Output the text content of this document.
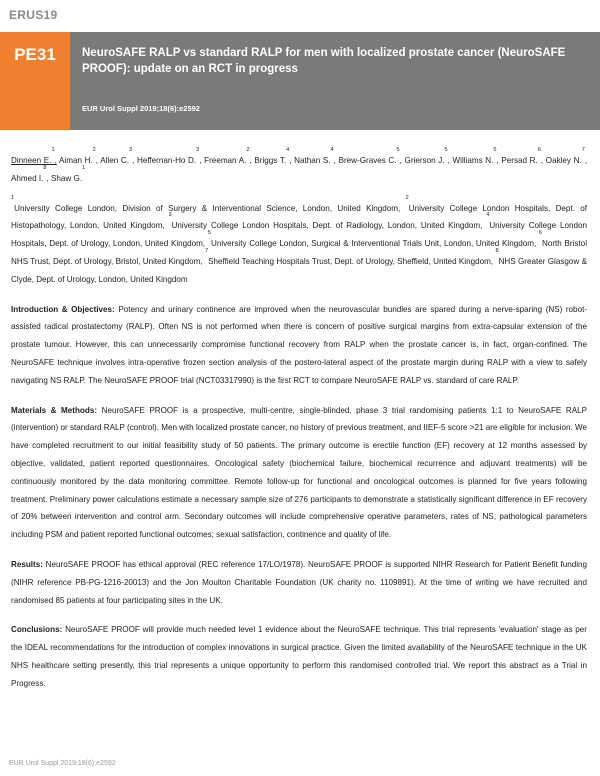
ERUS19
PE31	NeuroSAFE RALP vs standard RALP for men with localized prostate cancer (NeuroSAFE PROOF): update on an RCT in progress
EUR Urol Suppl 2019;18(6):e2592

Dinneen E.$^1$, Aiman H.$^2$, Allen C.$^3$, Heffernan-Ho D.$^3$, Freeman A.$^2$, Briggs T.$^4$, Nathan S.$^4$, Brew-Graves C.$^5$, Grierson J.$^5$, Williams N.$^5$, Persad R.$^6$, Oakley N.$^7$, Ahmed I.$^8$, Shaw G.$^1$

$^1$University College London, Division of Surgery & Interventional Science, London, United Kingdom, $^2$University College London Hospitals, Dept. of Histopathology, London, United Kingdom, $^3$University College London Hospitals, Dept. of Radiology, London, United Kingdom, $^4$University College London Hospitals, Dept. of Urology, London, United Kingdom, $^5$University College London, Surgical & Interventional Trials Unit, London, United Kingdom, $^6$North Bristol NHS Trust, Dept. of Urology, Bristol, United Kingdom, $^7$Sheffield Teaching Hospitals Trust, Dept. of Urology, Sheffield, United Kingdom, $^8$NHS Greater Glasgow & Clyde, Dept. of Urology, London, United Kingdom

Introduction & Objectives: Potency and urinary continence are improved when the neurovascular bundles are spared during a nerve-sparing (NS) robot-assisted radical prostatectomy (RALP). Often NS is not performed when there is concern of positive surgical margins from extra-capsular extension of the prostate tumour. However, this can unnecessarily compromise functional recovery from RALP when the prostate cancer is, in fact, organ-confined. The NeuroSAFE technique involves intra-operative frozen section analysis of the postero-lateral aspect of the prostate margin during RALP with a view to safely navigating NS RALP. The NeuroSAFE PROOF trial (NCT03317990) is the first RCT to compare NeuroSAFE RALP vs. standard of care RALP.

Materials & Methods: NeuroSAFE PROOF is a prospective, multi-centre, single-blinded, phase 3 trial randomising patients 1:1 to NeuroSAFE RALP (intervention) or standard RALP (control). Men with localized prostate cancer, no history of previous treatment, and IIEF-5 score >21 are eligible for inclusion. We have completed recruitment to our initial feasibility study of 50 patients. The primary outcome is erectile function (EF) recovery at 12 months assessed by objective, validated, patient reported questionnaires. Oncological safety (biochemical failure, biochemical recurrence and adjuvant treatments) will be continuously monitored by the data monitoring committee. Remote follow-up for functional and oncological outcomes is planned for five years following treatment. Preliminary power calculations estimate a necessary sample size of 276 participants to demonstrate a statistically significant difference in EF recovery of 20% between intervention and control arm. Secondary outcomes will include comprehensive operative parameters, rates of NS, pathological parameters including PSM and patient reported functional outcomes; sexual satisfaction, continence and quality of life.

Results: NeuroSAFE PROOF has ethical approval (REC reference 17/LO/1978). NeuroSAFE PROOF is supported NIHR Research for Patient Benefit funding (NIHR reference PB-PG-1216-20013) and the Jon Moulton Charitable Foundation (UK charity no. 1109891). At the time of writing we have recruited and randomised 85 patients at four participating sites in the UK.

Conclusions: NeuroSAFE PROOF will provide much needed level 1 evidence about the NeuroSAFE technique. This trial represents 'evaluation' stage as per the IDEAL recommendations for the introduction of complex innovations in surgical practice. Given the limited availability of the NeuroSAFE technique in the UK NHS healthcare setting presently, this trial represents a unique opportunity to perform this randomised controlled trial. We report this abstract as a Trial in Progress.

EUR Urol Suppl 2019;18(6):e2592
